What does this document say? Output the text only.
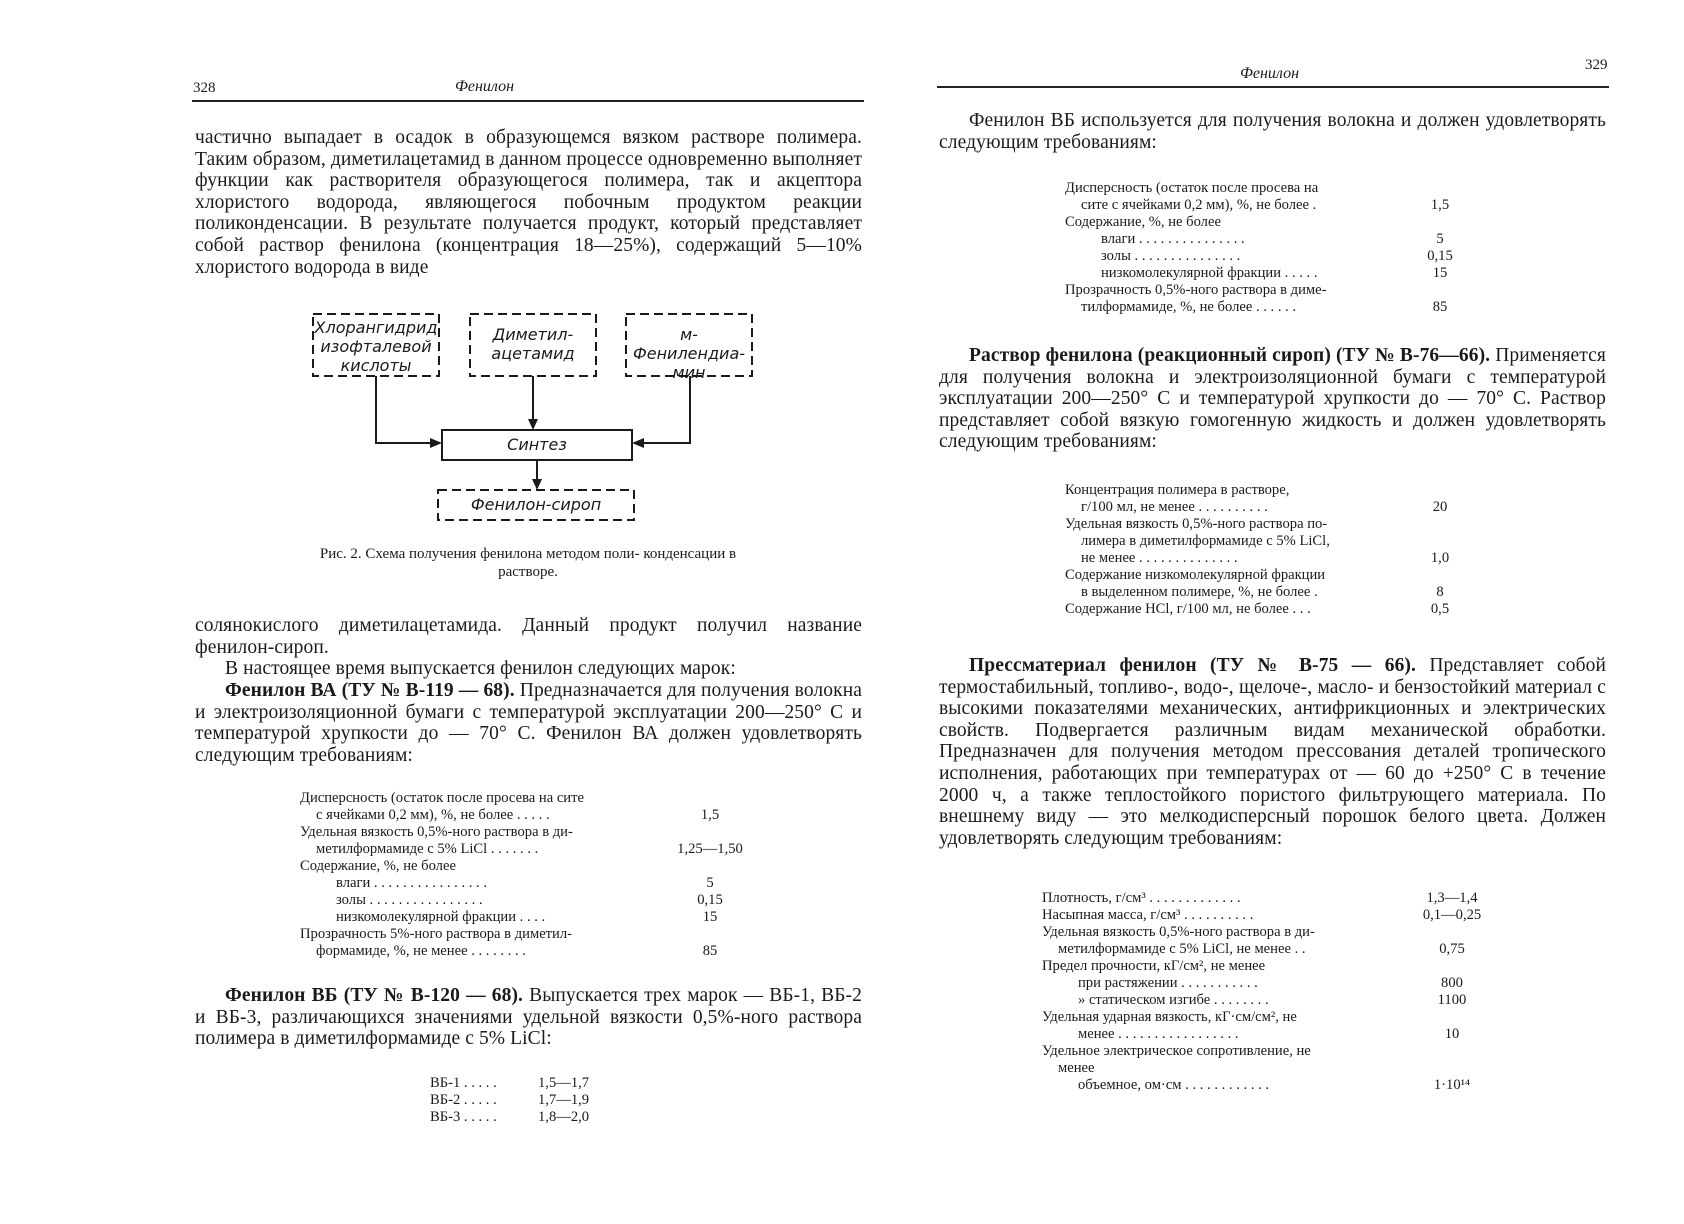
328	Фенилон
частично выпадает в осадок в образующемся вязком растворе полимера. Таким образом, диметилацетамид в данном процессе одновременно выполняет функции как растворителя образующегося полимера, так и акцептора хлористого водорода, являющегося побочным продуктом реакции поликонденсации. В результате получается продукт, который представляет собой раствор фенилона (концентрация 18—25%), содержащий 5—10% хлористого водорода в виде
Хлорангидрид изофталевой кислоты
Диметил- ацетамид
м-Фенилендиа- мин
Синтез
Фенилон-сироп
Рис. 2. Схема получения фенилона методом поли- конденсации в растворе.
солянокислого диметилацетамида. Данный продукт получил название фенилон-сироп.
В настоящее время выпускается фенилон следующих марок:
Фенилон ВА (ТУ № В-119 — 68). Предназначается для получения волокна и электроизоляционной бумаги с температурой эксплуатации 200—250° С и температурой хрупкости до — 70° С. Фенилон ВА должен удовлетворять следующим требованиям:
Дисперсность (остаток после просева на сите
с ячейками 0,2 мм), %, не более . . . . .	1,5
Удельная вязкость 0,5%-ного раствора в ди-
метилформамиде с 5% LiCl . . . . . . .	1,25—1,50
Содержание, %, не более
влаги . . . . . . . . . . . . . . . .	5
золы . . . . . . . . . . . . . . . .	0,15
низкомолекулярной фракции . . . .	15
Прозрачность 5%-ного раствора в диметил-
формамиде, %, не менее . . . . . . . .	85
Фенилон ВБ (ТУ № В-120 — 68). Выпускается трех марок — ВБ-1, ВБ-2 и ВБ-3, различающихся значениями удельной вязкости 0,5%-ного раствора полимера в диметилформамиде с 5% LiCl:
ВБ-1 . . . . .	1,5—1,7
ВБ-2 . . . . .	1,7—1,9
ВБ-3 . . . . .	1,8—2,0
Фенилон	329
Фенилон ВБ используется для получения волокна и должен удовлетворять следующим требованиям:
Дисперсность (остаток после просева на
сите с ячейками 0,2 мм), %, не более .	1,5
Содержание, %, не более
влаги . . . . . . . . . . . . . . .	5
золы . . . . . . . . . . . . . . .	0,15
низкомолекулярной фракции . . . . .	15
Прозрачность 0,5%-ного раствора в диме-
тилформамиде, %, не более . . . . . .	85
Раствор фенилона (реакционный сироп) (ТУ № В-76—66). Применяется для получения волокна и электроизоляционной бумаги с температурой эксплуатации 200—250° С и температурой хрупкости до — 70° С. Раствор представляет собой вязкую гомогенную жидкость и должен удовлетворять следующим требованиям:
Концентрация полимера в растворе,
г/100 мл, не менее . . . . . . . . . .	20
Удельная вязкость 0,5%-ного раствора по-
лимера в диметилформамиде с 5% LiCl,
не менее . . . . . . . . . . . . . .	1,0
Содержание низкомолекулярной фракции
в выделенном полимере, %, не более .	8
Содержание HCl, г/100 мл, не более . . .	0,5
Прессматериал фенилон (ТУ № В-75 — 66). Представляет собой термостабильный, топливо-, водо-, щелоче-, масло- и бензостойкий материал с высокими показателями механических, антифрикционных и электрических свойств. Подвергается различным видам механической обработки. Предназначен для получения методом прессования деталей тропического исполнения, работающих при температурах от — 60 до +250° С в течение 2000 ч, а также теплостойкого пористого фильтрующего материала. По внешнему виду — это мелкодисперсный порошок белого цвета. Должен удовлетворять следующим требованиям:
Плотность, г/см³ . . . . . . . . . . . . .	1,3—1,4
Насыпная масса, г/см³ . . . . . . . . . .	0,1—0,25
Удельная вязкость 0,5%-ного раствора в ди-
метилформамиде с 5% LiCl, не менее . .	0,75
Предел прочности, кГ/см², не менее
при растяжении . . . . . . . . . . .	800
» статическом изгибе . . . . . . . .	1100
Удельная ударная вязкость, кГ·см/см², не
менее . . . . . . . . . . . . . . . . .	10
Удельное электрическое сопротивление, не
менее
объемное, ом·см . . . . . . . . . . . .	1·10¹⁴
